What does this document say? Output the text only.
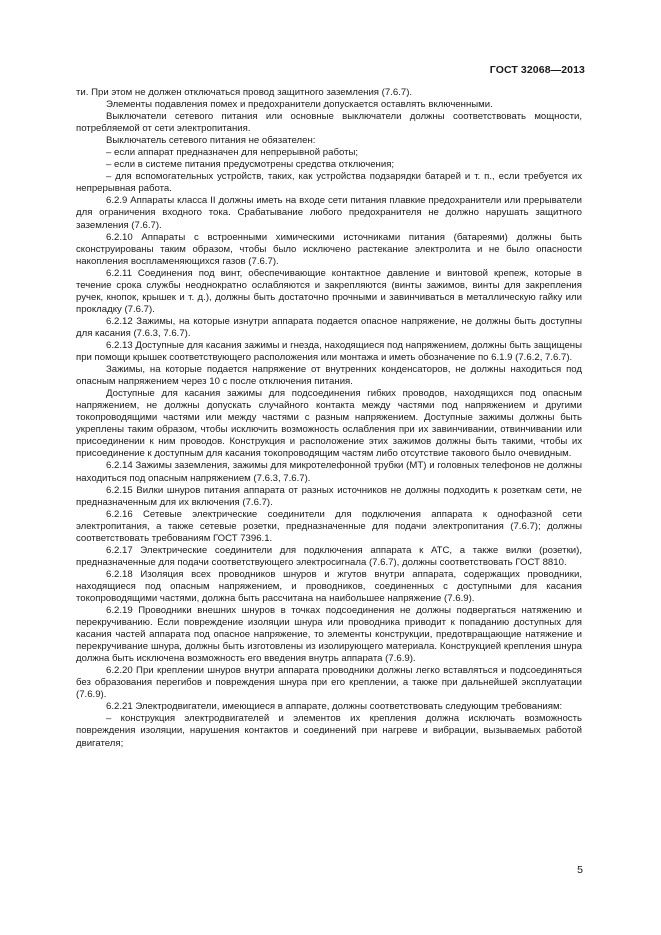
ГОСТ 32068—2013

ти. При этом не должен отключаться провод защитного заземления (7.6.7).

Элементы подавления помех и предохранители допускается оставлять включенными.

Выключатели сетевого питания или основные выключатели должны соответствовать мощности, потребляемой от сети электропитания.

Выключатель сетевого питания не обязателен:

– если аппарат предназначен для непрерывной работы;

– если в системе питания предусмотрены средства отключения;

– для вспомогательных устройств, таких, как устройства подзарядки батарей и т. п., если требуется их непрерывная работа.

6.2.9 Аппараты класса II должны иметь на входе сети питания плавкие предохранители или прерыватели для ограничения входного тока. Срабатывание любого предохранителя не должно нарушать защитного заземления (7.6.7).

6.2.10 Аппараты с встроенными химическими источниками питания (батареями) должны быть сконструированы таким образом, чтобы было исключено растекание электролита и не было опасности накопления воспламеняющихся газов (7.6.7).

6.2.11 Соединения под винт, обеспечивающие контактное давление и винтовой крепеж, которые в течение срока службы неоднократно ослабляются и закрепляются (винты зажимов, винты для закрепления ручек, кнопок, крышек и т. д.), должны быть достаточно прочными и завинчиваться в металлическую гайку или прокладку (7.6.7).

6.2.12 Зажимы, на которые изнутри аппарата подается опасное напряжение, не должны быть доступны для касания (7.6.3, 7.6.7).

6.2.13 Доступные для касания зажимы и гнезда, находящиеся под напряжением, должны быть защищены при помощи крышек соответствующего расположения или монтажа и иметь обозначение по 6.1.9 (7.6.2, 7.6.7).

Зажимы, на которые подается напряжение от внутренних конденсаторов, не должны находиться под опасным напряжением через 10 с после отключения питания.

Доступные для касания зажимы для подсоединения гибких проводов, находящихся под опасным напряжением, не должны допускать случайного контакта между частями под напряжением и другими токопроводящими частями или между частями с разным напряжением. Доступные зажимы должны быть укреплены таким образом, чтобы исключить возможность ослабления при их завинчивании, отвинчивании или присоединении к ним проводов. Конструкция и расположение этих зажимов должны быть такими, чтобы их присоединение к доступным для касания токопроводящим частям либо отсутствие такового было очевидным.

6.2.14 Зажимы заземления, зажимы для микротелефонной трубки (МТ) и головных телефонов не должны находиться под опасным напряжением (7.6.3, 7.6.7).

6.2.15 Вилки шнуров питания аппарата от разных источников не должны подходить к розеткам сети, не предназначенным для их включения (7.6.7).

6.2.16 Сетевые электрические соединители для подключения аппарата к однофазной сети электропитания, а также сетевые розетки, предназначенные для подачи электропитания (7.6.7); должны соответствовать требованиям ГОСТ 7396.1.

6.2.17 Электрические соединители для подключения аппарата к АТС, а также вилки (розетки), предназначенные для подачи соответствующего электросигнала (7.6.7), должны соответствовать ГОСТ 8810.

6.2.18 Изоляция всех проводников шнуров и жгутов внутри аппарата, содержащих проводники, находящиеся под опасным напряжением, и проводников, соединенных с доступными для касания токопроводящими частями, должна быть рассчитана на наибольшее напряжение (7.6.9).

6.2.19 Проводники внешних шнуров в точках подсоединения не должны подвергаться натяжению и перекручиванию. Если повреждение изоляции шнура или проводника приводит к попаданию доступных для касания частей аппарата под опасное напряжение, то элементы конструкции, предотвращающие натяжение и перекручивание шнура, должны быть изготовлены из изолирующего материала. Конструкцией крепления шнура должна быть исключена возможность его введения внутрь аппарата (7.6.9).

6.2.20 При креплении шнуров внутри аппарата проводники должны легко вставляться и подсоединяться без образования перегибов и повреждения шнура при его креплении, а также при дальнейшей эксплуатации (7.6.9).

6.2.21 Электродвигатели, имеющиеся в аппарате, должны соответствовать следующим требованиям:

– конструкция электродвигателей и элементов их крепления должна исключать возможность повреждения изоляции, нарушения контактов и соединений при нагреве и вибрации, вызываемых работой двигателя;

5
